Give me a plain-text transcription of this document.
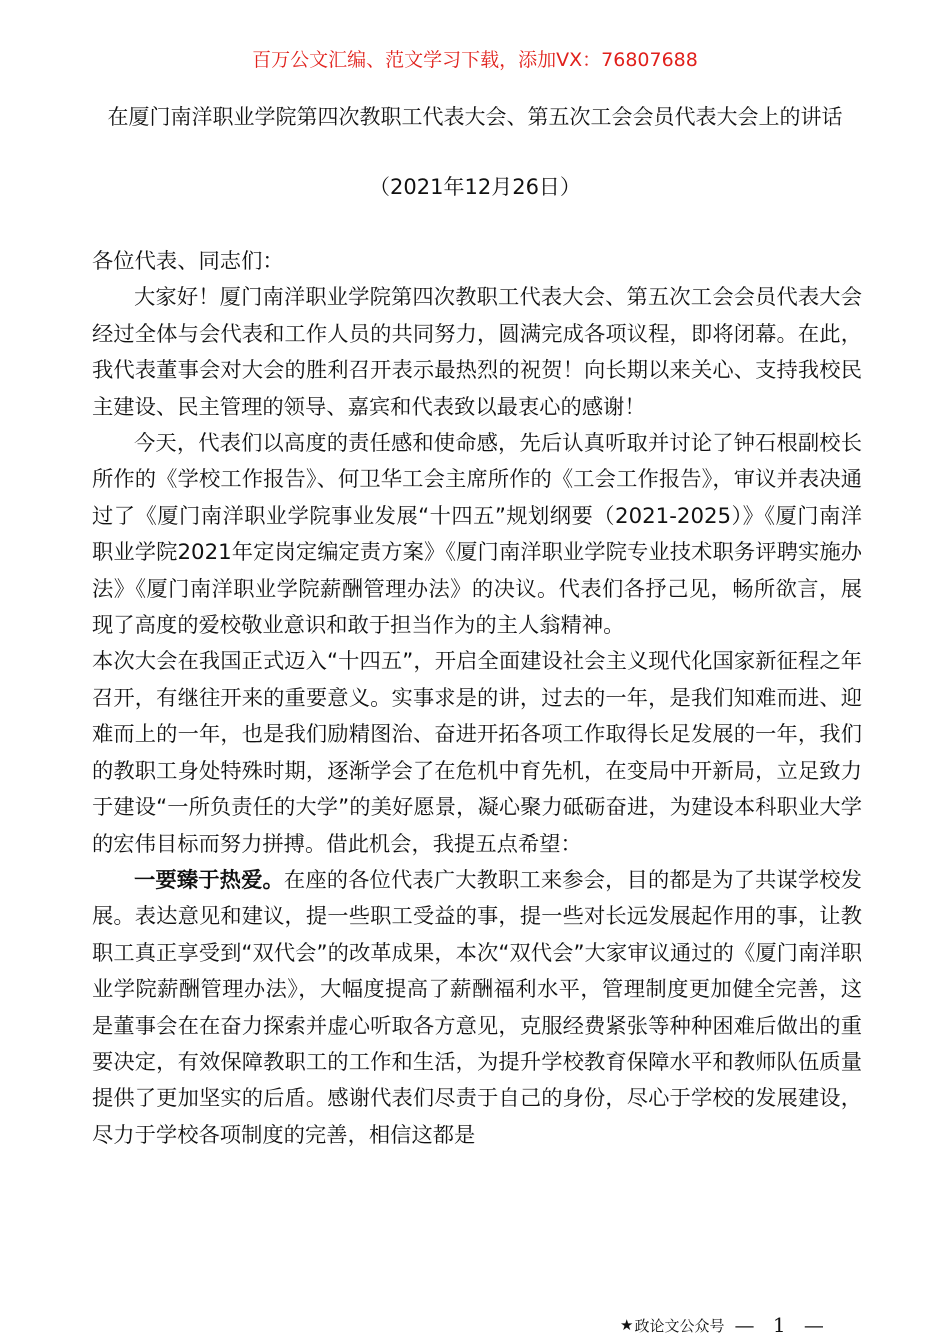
百万公文汇编、范文学习下载，添加VX：76807688
在厦门南洋职业学院第四次教职工代表大会、第五次工会会员代表大会上的讲话
（2021年12月26日）

各位代表、同志们：

大家好！厦门南洋职业学院第四次教职工代表大会、第五次工会会员代表大会经过全体与会代表和工作人员的共同努力，圆满完成各项议程，即将闭幕。在此，我代表董事会对大会的胜利召开表示最热烈的祝贺！向长期以来关心、支持我校民主建设、民主管理的领导、嘉宾和代表致以最衷心的感谢！

今天，代表们以高度的责任感和使命感，先后认真听取并讨论了钟石根副校长所作的《学校工作报告》、何卫华工会主席所作的《工会工作报告》，审议并表决通过了《厦门南洋职业学院事业发展“十四五”规划纲要（2021-2025）》《厦门南洋职业学院2021年定岗定编定责方案》《厦门南洋职业学院专业技术职务评聘实施办法》《厦门南洋职业学院薪酬管理办法》的决议。代表们各抒己见，畅所欲言，展现了高度的爱校敬业意识和敢于担当作为的主人翁精神。

本次大会在我国正式迈入“十四五”，开启全面建设社会主义现代化国家新征程之年召开，有继往开来的重要意义。实事求是的讲，过去的一年，是我们知难而进、迎难而上的一年，也是我们励精图治、奋进开拓各项工作取得长足发展的一年，我们的教职工身处特殊时期，逐渐学会了在危机中育先机，在变局中开新局，立足致力于建设“一所负责任的大学”的美好愿景，凝心聚力砥砺奋进，为建设本科职业大学的宏伟目标而努力拼搏。借此机会，我提五点希望：

一要臻于热爱。在座的各位代表广大教职工来参会，目的都是为了共谋学校发展。表达意见和建议，提一些职工受益的事，提一些对长远发展起作用的事，让教职工真正享受到“双代会”的改革成果，本次“双代会”大家审议通过的《厦门南洋职业学院薪酬管理办法》，大幅度提高了薪酬福利水平，管理制度更加健全完善，这是董事会在在奋力探索并虚心听取各方意见，克服经费紧张等种种困难后做出的重要决定，有效保障教职工的工作和生活，为提升学校教育保障水平和教师队伍质量提供了更加坚实的后盾。感谢代表们尽责于自己的身份，尽心于学校的发展建设，尽力于学校各项制度的完善，相信这都是

★ 政论文公众号 — 1 —
